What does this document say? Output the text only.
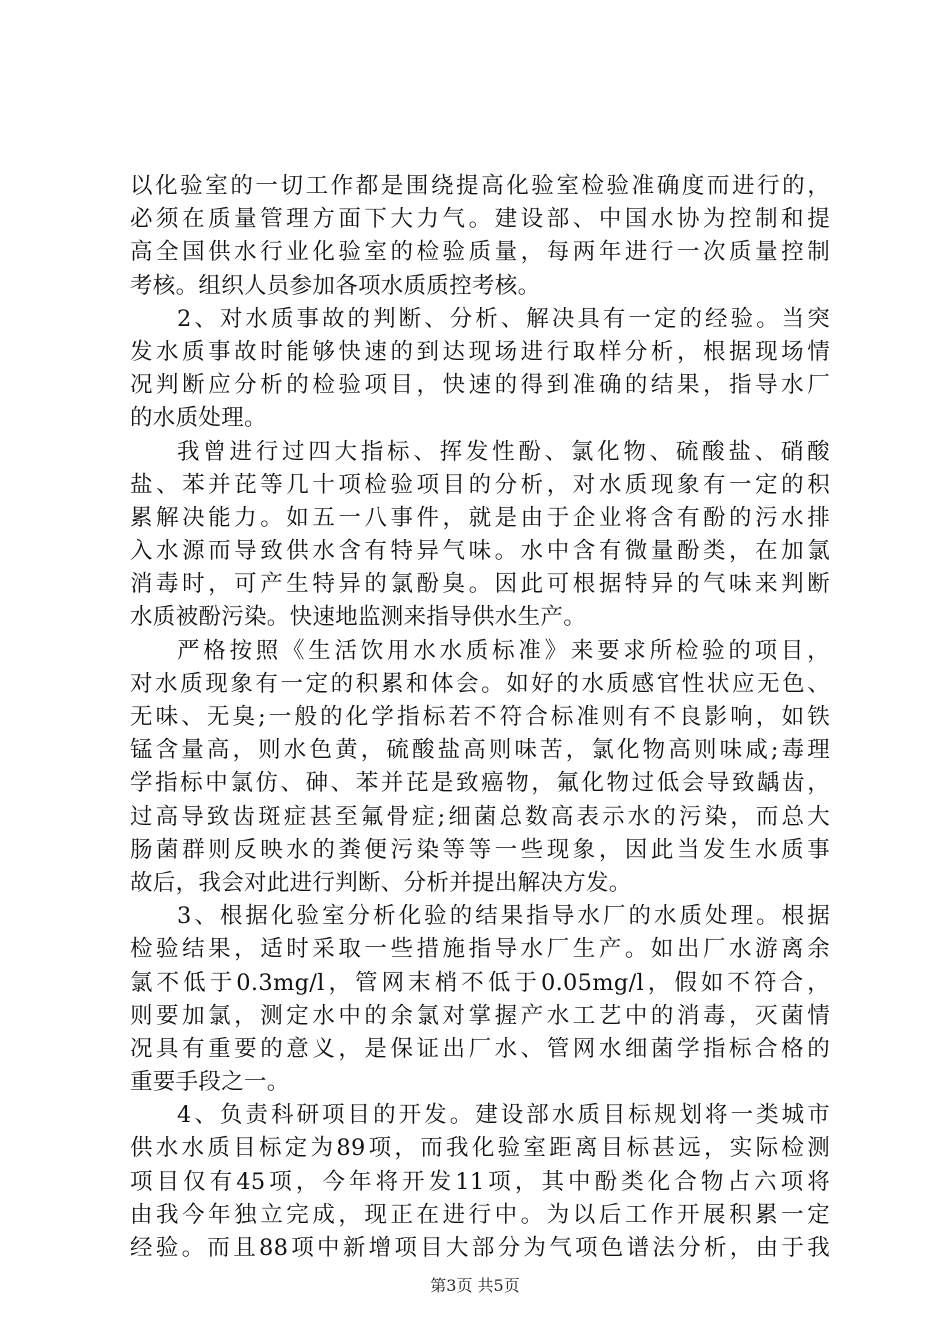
以化验室的一切工作都是围绕提高化验室检验准确度而进行的，
必须在质量管理方面下大力气。建设部、中国水协为控制和提
高全国供水行业化验室的检验质量，每两年进行一次质量控制
考核。组织人员参加各项水质质控考核。
2、对水质事故的判断、分析、解决具有一定的经验。当突
发水质事故时能够快速的到达现场进行取样分析，根据现场情
况判断应分析的检验项目，快速的得到准确的结果，指导水厂
的水质处理。
我曾进行过四大指标、挥发性酚、氯化物、硫酸盐、硝酸
盐、苯并芘等几十项检验项目的分析，对水质现象有一定的积
累解决能力。如五一八事件，就是由于企业将含有酚的污水排
入水源而导致供水含有特异气味。水中含有微量酚类，在加氯
消毒时，可产生特异的氯酚臭。因此可根据特异的气味来判断
水质被酚污染。快速地监测来指导供水生产。
严格按照《生活饮用水水质标准》来要求所检验的项目，
对水质现象有一定的积累和体会。如好的水质感官性状应无色、
无味、无臭;一般的化学指标若不符合标准则有不良影响，如铁
锰含量高，则水色黄，硫酸盐高则味苦，氯化物高则味咸;毒理
学指标中氯仿、砷、苯并芘是致癌物，氟化物过低会导致龋齿，
过高导致齿斑症甚至氟骨症;细菌总数高表示水的污染，而总大
肠菌群则反映水的粪便污染等等一些现象，因此当发生水质事
故后，我会对此进行判断、分析并提出解决方发。
3、根据化验室分析化验的结果指导水厂的水质处理。根据
检验结果，适时采取一些措施指导水厂生产。如出厂水游离余
氯不低于0.3mg/l，管网末梢不低于0.05mg/l，假如不符合，
则要加氯，测定水中的余氯对掌握产水工艺中的消毒，灭菌情
况具有重要的意义，是保证出厂水、管网水细菌学指标合格的
重要手段之一。
4、负责科研项目的开发。建设部水质目标规划将一类城市
供水水质目标定为89项，而我化验室距离目标甚远，实际检测
项目仅有45项，今年将开发11项，其中酚类化合物占六项将
由我今年独立完成，现正在进行中。为以后工作开展积累一定
经验。而且88项中新增项目大部分为气项色谱法分析，由于我
第3页 共5页
